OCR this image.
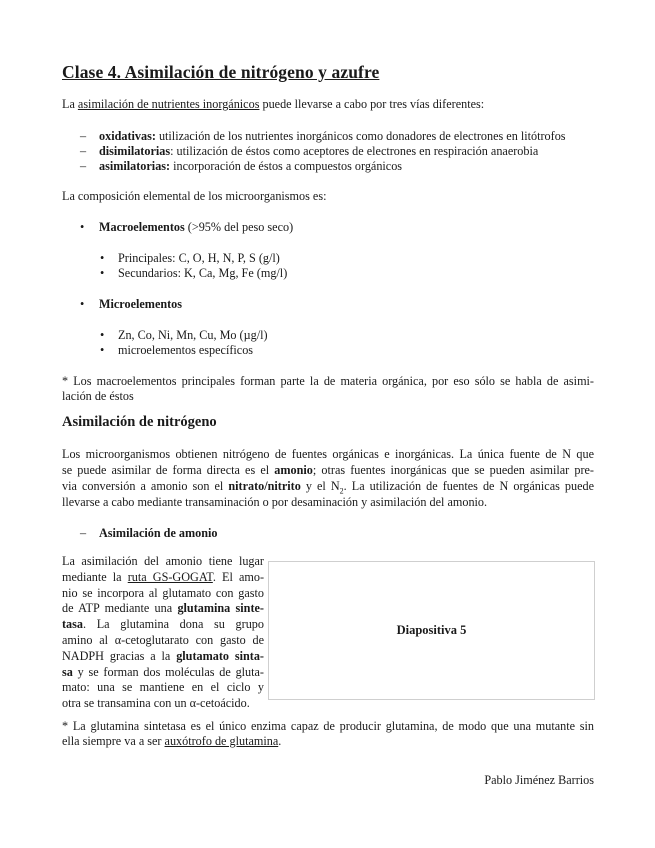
Clase 4. Asimilación de nitrógeno y azufre
La asimilación de nutrientes inorgánicos puede llevarse a cabo por tres vías diferentes:
– oxidativas: utilización de los nutrientes inorgánicos como donadores de electrones en litótrofos
– disimilatorias: utilización de éstos como aceptores de electrones en respiración anaerobia
– asimilatorias: incorporación de éstos a compuestos orgánicos
La composición elemental de los microorganismos es:
• Macroelementos (>95% del peso seco)
• Principales: C, O, H, N, P, S (g/l)
• Secundarios: K, Ca, Mg, Fe (mg/l)
• Microelementos
• Zn, Co, Ni, Mn, Cu, Mo (µg/l)
• microelementos específicos
* Los macroelementos principales forman parte la de materia orgánica, por eso sólo se habla de asimi-
lación de éstos
Asimilación de nitrógeno
Los microorganismos obtienen nitrógeno de fuentes orgánicas e inorgánicas. La única fuente de N que
se puede asimilar de forma directa es el amonio; otras fuentes inorgánicas que se pueden asimilar pre-
via conversión a amonio son el nitrato/nitrito y el $N_2$. La utilización de fuentes de N orgánicas puede
llevarse a cabo mediante transaminación o por desaminación y asimilación del amonio.
– Asimilación de amonio
La asimilación del amonio tiene lugar
mediante la ruta GS-GOGAT. El amo-
nio se incorpora al glutamato con gasto
de ATP mediante una glutamina sinte-
tasa. La glutamina dona su grupo
amino al α-cetoglutarato con gasto de
NADPH gracias a la glutamato sinta-
sa y se forman dos moléculas de gluta-
mato: una se mantiene en el ciclo y
otra se transamina con un α-cetoácido.
Diapositiva 5
* La glutamina sintetasa es el único enzima capaz de producir glutamina, de modo que una mutante sin
ella siempre va a ser auxótrofo de glutamina.
Pablo Jiménez Barrios
